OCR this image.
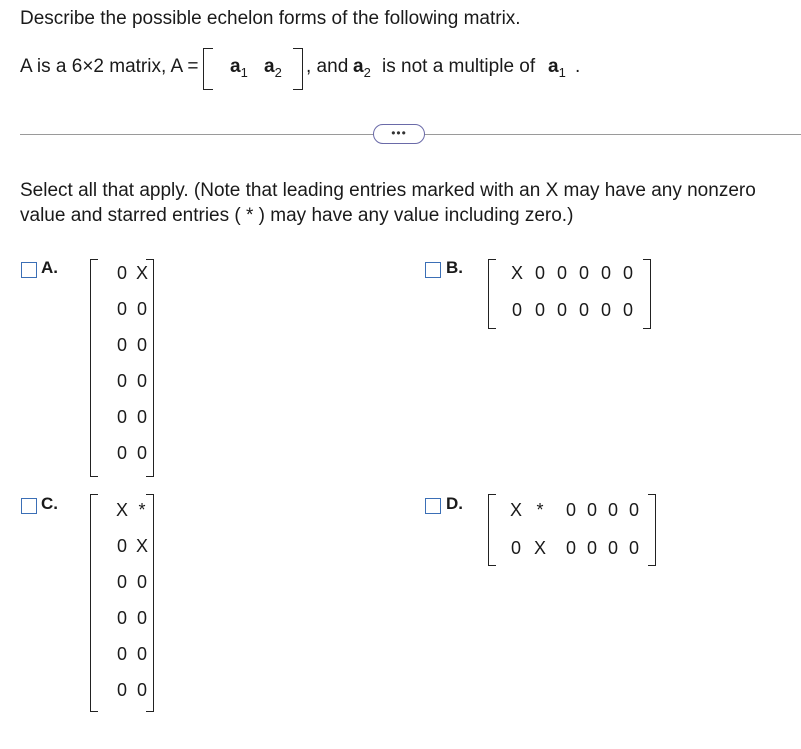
Describe the possible echelon forms of the following matrix.
A is a 6×2 matrix, $A = a_1$ $a_2$ , and $a_2$ is not a multiple of $a_1$ .
•••
Select all that apply. (Note that leading entries marked with an X may have any nonzero value and starred entries ( * ) may have any value including zero.)
A.	0 X
0 0
0 0
0 0
0 0
0 0
B.	X 0 0 0 0 0
0 0 0 0 0 0
C.	X *
0 X
0 0
0 0
0 0
0 0
D.	X * 0 0 0 0
0 X 0 0 0 0
